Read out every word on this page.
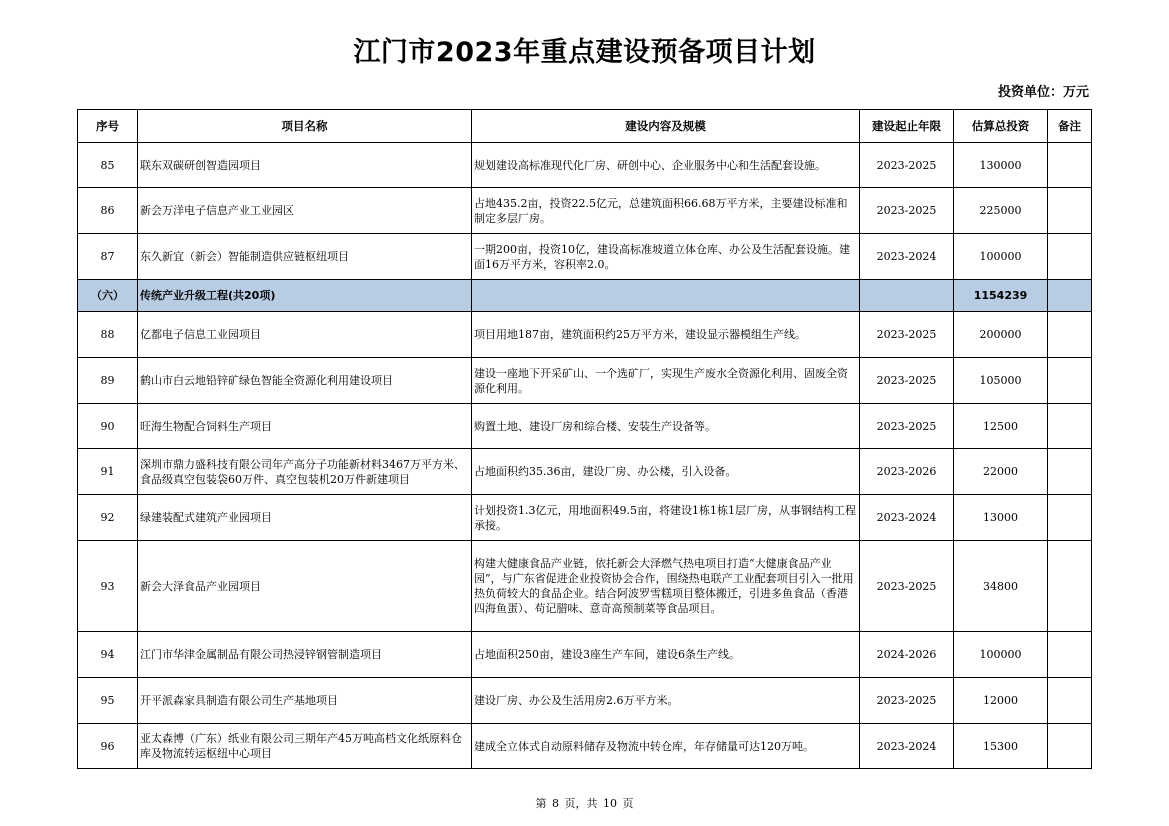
江门市2023年重点建设预备项目计划
投资单位：万元
序号	项目名称	建设内容及规模	建设起止年限	估算总投资	备注
85	联东双碳研创智造园项目	规划建设高标准现代化厂房、研创中心、企业服务中心和生活配套设施。	2023-2025	130000	
86	新会万洋电子信息产业工业园区	占地435.2亩，投资22.5亿元，总建筑面积66.68万平方米，主要建设标准和制定多层厂房。	2023-2025	225000	
87	东久新宜（新会）智能制造供应链枢纽项目	一期200亩，投资10亿，建设高标准坡道立体仓库、办公及生活配套设施。建面16万平方米，容积率2.0。	2023-2024	100000	
（六）	传统产业升级工程(共20项)			1154239	
88	亿都电子信息工业园项目	项目用地187亩，建筑面积约25万平方米，建设显示器模组生产线。	2023-2025	200000	
89	鹤山市白云地铅锌矿绿色智能全资源化利用建设项目	建设一座地下开采矿山、一个选矿厂，实现生产废水全资源化利用、固废全资源化利用。	2023-2025	105000	
90	旺海生物配合饲料生产项目	购置土地、建设厂房和综合楼、安装生产设备等。	2023-2025	12500	
91	深圳市鼎力盛科技有限公司年产高分子功能新材料3467万平方米、食品级真空包装袋60万件、真空包装机20万件新建项目	占地面积约35.36亩，建设厂房、办公楼，引入设备。	2023-2026	22000	
92	绿建装配式建筑产业园项目	计划投资1.3亿元，用地面积49.5亩，将建设1栋1栋1层厂房，从事钢结构工程承接。	2023-2024	13000	
93	新会大泽食品产业园项目	构建大健康食品产业链，依托新会大泽燃气热电项目打造“大健康食品产业园”，与广东省促进企业投资协会合作，围绕热电联产工业配套项目引入一批用热负荷较大的食品企业。结合阿波罗雪糕项目整体搬迁，引进多鱼食品（香港四海鱼蛋）、苟记腊味、意奇高预制菜等食品项目。	2023-2025	34800	
94	江门市华津金属制品有限公司热浸锌钢管制造项目	占地面积250亩，建设3座生产车间，建设6条生产线。	2024-2026	100000	
95	开平派森家具制造有限公司生产基地项目	建设厂房、办公及生活用房2.6万平方米。	2023-2025	12000	
96	亚太森博（广东）纸业有限公司三期年产45万吨高档文化纸原料仓库及物流转运枢纽中心项目	建成全立体式自动原料储存及物流中转仓库，年存储量可达120万吨。	2023-2024	15300	
第 8 页，共 10 页
